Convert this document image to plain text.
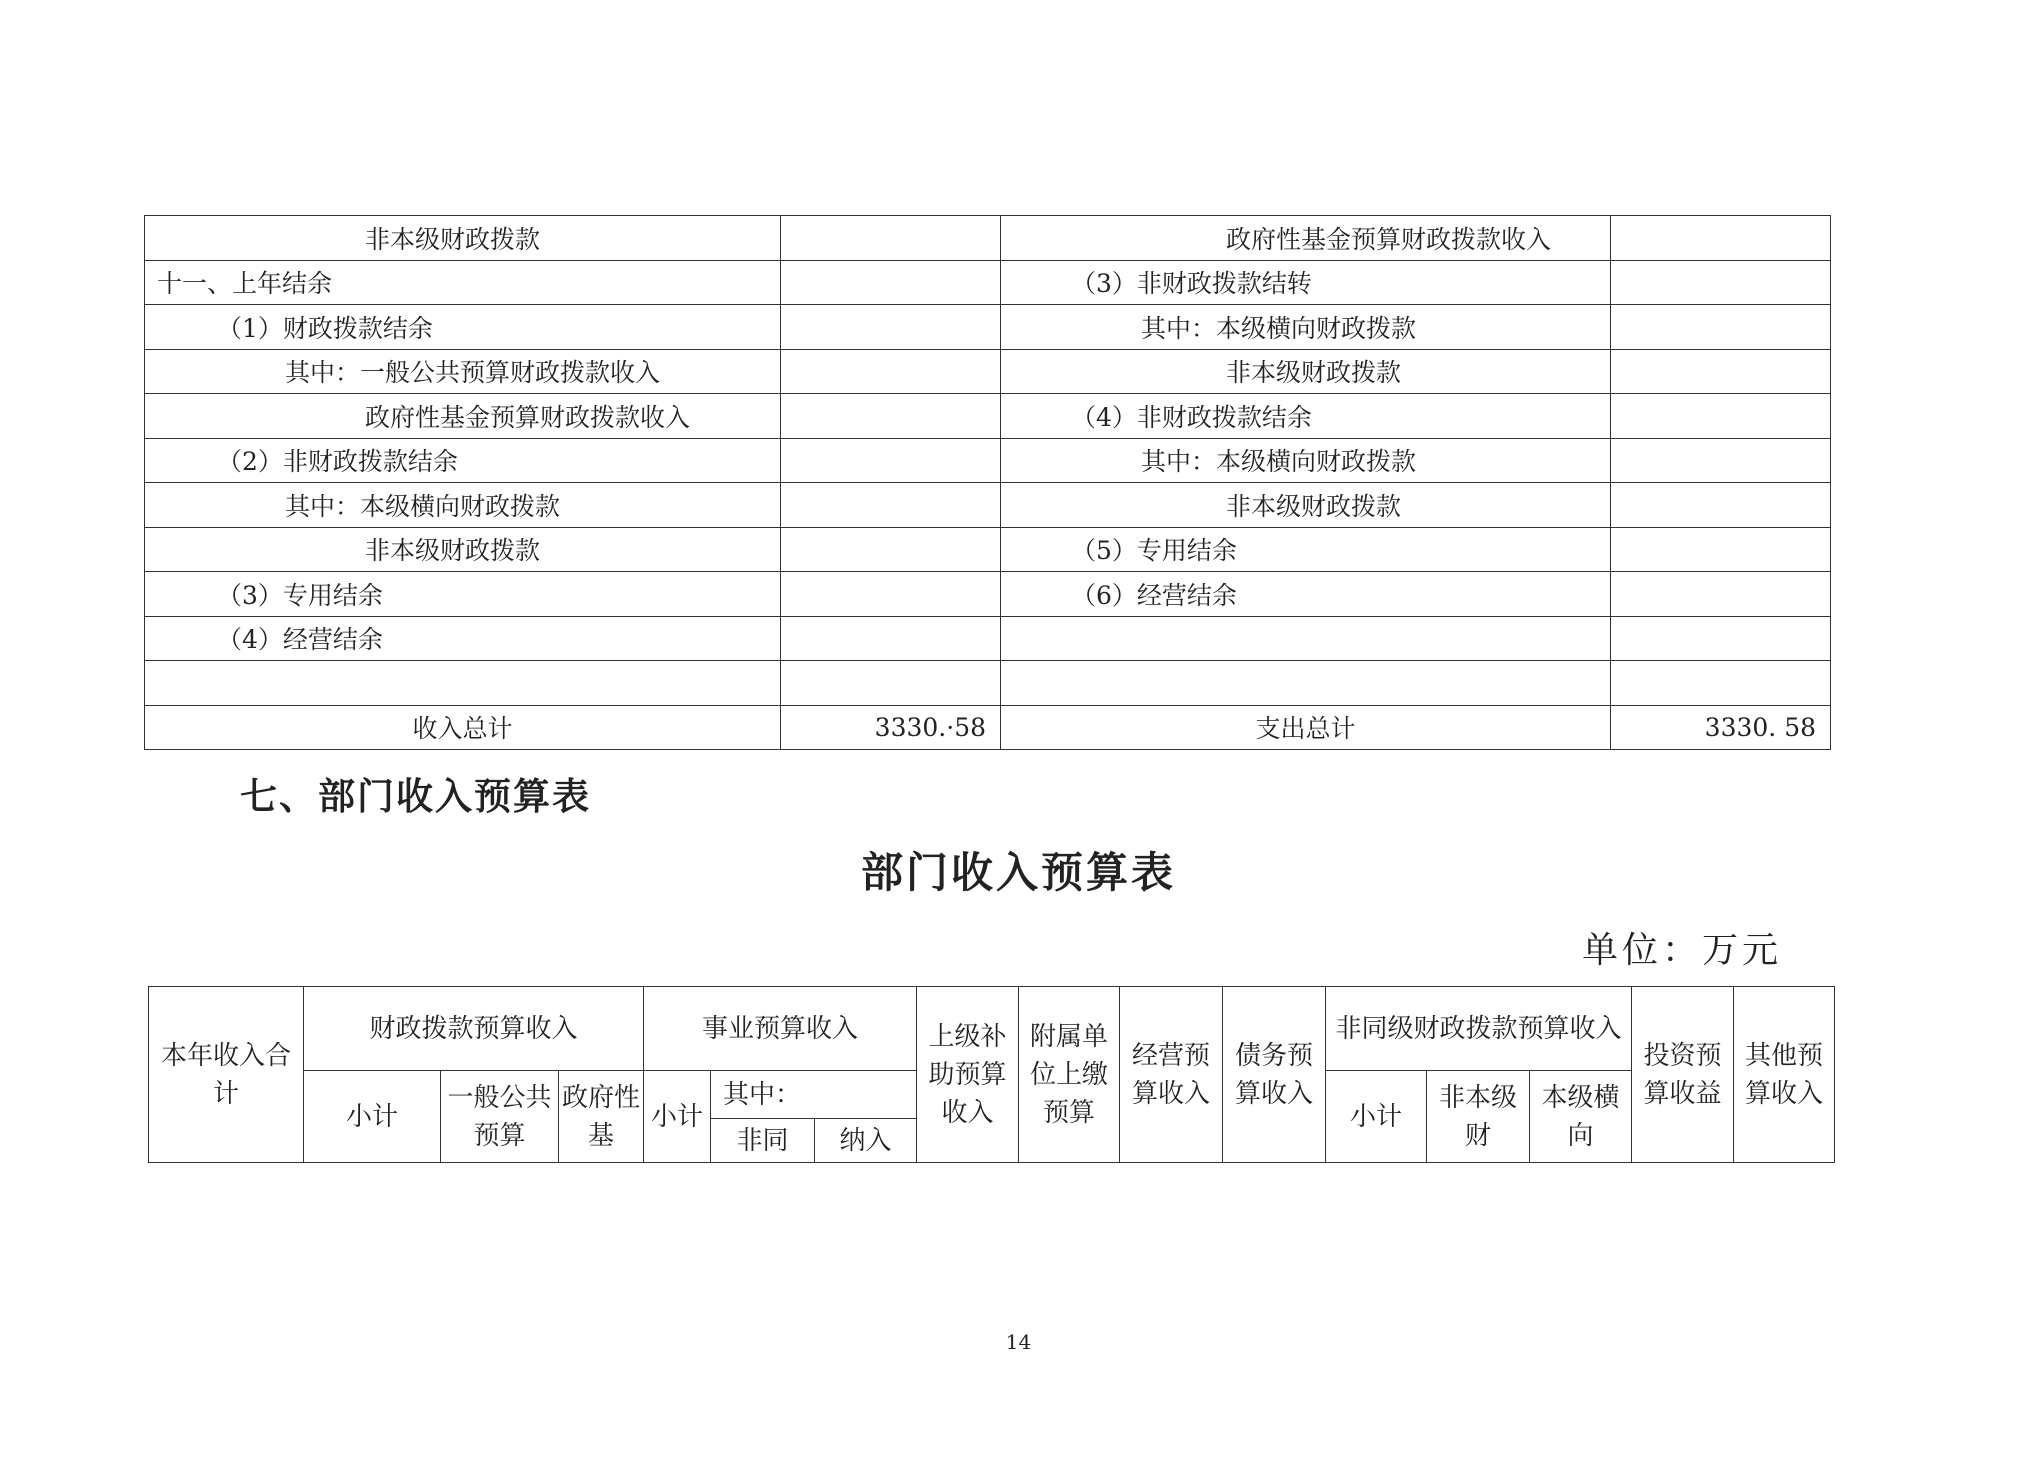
非本级财政拨款		政府性基金预算财政拨款收入	
十一、上年结余		（3）非财政拨款结转	
（1）财政拨款结余		其中：本级横向财政拨款	
其中：一般公共预算财政拨款收入		非本级财政拨款	
政府性基金预算财政拨款收入		（4）非财政拨款结余	
（2）非财政拨款结余		其中：本级横向财政拨款	
其中：本级横向财政拨款		非本级财政拨款	
非本级财政拨款		（5）专用结余	
（3）专用结余		（6）经营结余	
（4）经营结余			

收入总计	3330.·58	支出总计	3330. 58
七、部门收入预算表
部门收入预算表
单位：万元
本年收入合计	财政拨款预算收入			事业预算收入			上级补助预算收入	附属单位上缴预算	经营预算收入	债务预算收入	非同级财政拨款预算收入			投资预算收益	其他预算收入
	小计	一般公共预算	政府性基	小计	其中：						小计	非本级财	本级横向		
					非同	纳入									
14
